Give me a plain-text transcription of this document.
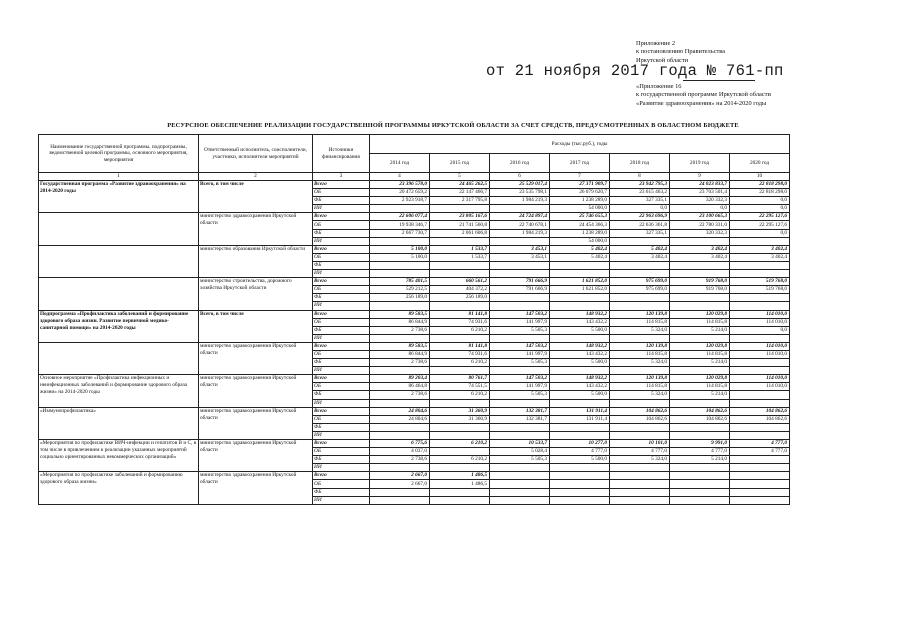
Приложение 2
к постановлению Правительства
Иркутской области
от 21 ноября 2017 года № 761-пп
«Приложение 16
к государственной программе Иркутской области
«Развитие здравоохранения» на 2014-2020 годы
РЕСУРСНОЕ ОБЕСПЕЧЕНИЕ РЕАЛИЗАЦИИ ГОСУДАРСТВЕННОЙ ПРОГРАММЫ ИРКУТСКОЙ ОБЛАСТИ ЗА СЧЕТ СРЕДСТВ, ПРЕДУСМОТРЕННЫХ В ОБЛАСТНОМ БЮДЖЕТЕ
Наименование государственной программы, подпрограммы, ведомственной целевой программы, основного мероприятия, мероприятия	Ответственный исполнитель, соисполнители, участники, исполнители мероприятий	Источники финансирования	Расходы (тыс.руб.), годы						
			2014 год	2015 год	2016 год	2017 год	2018 год	2019 год	2020 год
1	2	3	4	5	6	7	8	9	10
Государственная программа «Развитие здравоохранения» на 2014-2020 годы	Всего, в том числе	Всего	23 396 578,0	24 465 262,5	25 529 017,4	27 371 909,7	23 942 795,3	24 023 833,7	22 818 298,0
		ОБ	20 472 659,2	22 147 466,7	23 535 798,1	26 079 620,7	23 615 463,2	23 703 501,4	22 818 298,0
		ФБ	2 923 918,7	2 317 795,8	1 984 219,3	1 238 289,0	327 335,1	320 332,3	0,0
		ИИ				54 000,0	0,0	0,0	0,0
	министерство здравоохранения Иркутской области	Всего	22 606 077,4	23 805 167,6	24 724 897,4	25 746 655,3	22 963 696,9	23 100 665,3	22 295 127,6
		ОБ	19 938 346,7	21 741 560,8	22 740 678,1	24 454 366,3	22 636 361,8	22 780 331,0	22 295 127,6
		ФБ	2 667 730,7	2 061 606,8	1 984 219,3	1 238 289,0	327 335,1	320 332,3	0,0
		ИИ				54 000,0			
	министерство образования Иркутской области	Всего	5 100,0	1 533,7	3 453,1	5 402,4	5 402,4	3 402,4	3 402,4
		ОБ	5 100,0	1 533,7	3 453,1	5 402,4	3 402,4	3 402,4	3 402,4
		ФБ							
		ИИ							
	министерство строительства, дорожного хозяйства Иркутской области	Всего	785 401,5	660 561,2	791 666,9	1 621 852,0	975 699,0	919 768,0	519 768,0
		ОБ	529 212,5	404 372,2	791 666,9	1 621 852,0	975 699,0	919 768,0	519 768,0
		ФБ	256 189,0	256 189,0					
		ИИ							
Подпрограмма «Профилактика заболеваний и формирование здорового образа жизни. Развитие первичной медико-санитарной помощи» на 2014-2020 годы	Всего, в том числе	Всего	89 583,5	81 141,8	147 503,2	148 932,2	120 139,8	120 029,8	114 010,0
		ОБ	86 844,9	74 931,6	141 997,9	143 432,2	114 815,8	114 815,8	114 010,0
		ФБ	2 738,6	6 210,2	5 505,3	5 500,0	5 324,0	5 214,0	0,0
		ИИ							
	министерство здравоохранения Иркутской области	Всего	89 583,5	81 141,8	147 503,2	148 932,2	120 139,8	120 029,8	114 010,0
		ОБ	86 844,9	74 931,6	141 997,9	143 432,2	114 815,8	114 815,8	114 010,0
		ФБ	2 738,6	6 210,2	5 505,3	5 500,0	5 324,0	5 214,0	
		ИИ							
Основное мероприятие «Профилактика инфекционных и неинфекционных заболеваний и формирование здорового образа жизни» на 2014-2020 годы	министерство здравоохранения Иркутской области	Всего	89 203,4	80 761,7	147 503,2	148 932,2	120 139,8	120 029,8	114 010,0
		ОБ	86 464,8	74 551,5	141 997,9	143 432,2	114 815,8	114 815,8	114 010,0
		ФБ	2 738,6	6 210,2	5 505,3	5 500,0	5 324,0	5 214,0	
		ИИ							
«Иммунопрофилактика»	министерство здравоохранения Иркутской области	Всего	24 804,6	31 360,9	132 381,7	131 911,4	104 862,6	104 862,6	104 862,6
		ОБ	24 804,6	31 360,9	132 381,7	131 911,4	104 862,6	104 862,6	104 862,6
		ФБ							
		ИИ							
«Мероприятия по профилактике ВИЧ-инфекции и гепатитов B и C, в том числе в привлечением к реализации указанных мероприятий социально ориентированных некоммерческих организаций»	министерство здравоохранения Иркутской области	Всего	6 775,6	6 210,2	10 533,7	10 277,0	10 101,0	9 991,0	4 777,0
		ОБ	4 037,0		5 028,4	4 777,0	4 777,0	4 777,0	4 777,0
		ФБ	2 738,6	6 210,2	5 505,3	5 500,0	5 324,0	5 214,0	
		ИИ							
«Мероприятия по профилактике заболеваний и формированию здорового образа жизни»	министерство здравоохранения Иркутской области	Всего	2 667,0	1 486,5					
		ОБ	2 667,0	1 486,5					
		ФБ							
		ИИ							
